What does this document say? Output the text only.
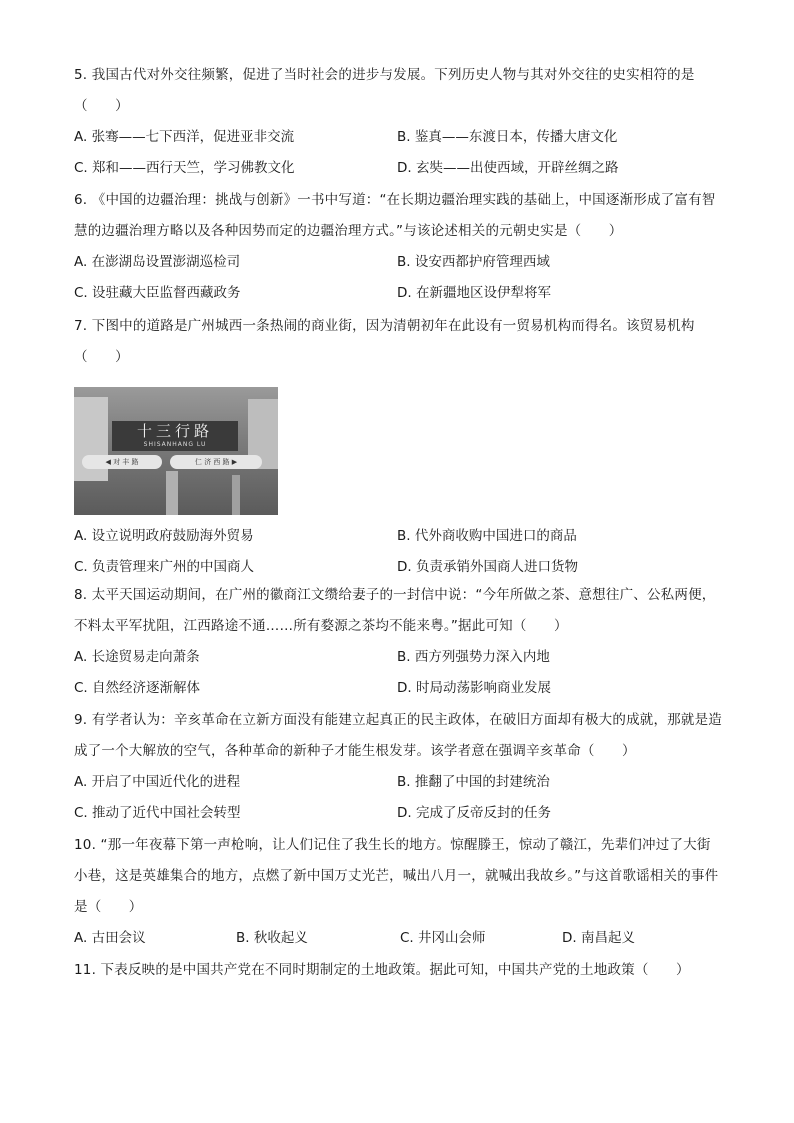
5. 我国古代对外交往频繁，促进了当时社会的进步与发展。下列历史人物与其对外交往的史实相符的是（　　）
A. 张骞——七下西洋，促进亚非交流	B. 鉴真——东渡日本，传播大唐文化
C. 郑和——西行天竺，学习佛教文化	D. 玄奘——出使西域，开辟丝绸之路
6. 《中国的边疆治理：挑战与创新》一书中写道：“在长期边疆治理实践的基础上，中国逐渐形成了富有智慧的边疆治理方略以及各种因势而定的边疆治理方式。”与该论述相关的元朝史实是（　　）
A. 在澎湖岛设置澎湖巡检司	B. 设安西都护府管理西域
C. 设驻藏大臣监督西藏政务	D. 在新疆地区设伊犁将军
7. 下图中的道路是广州城西一条热闹的商业街，因为清朝初年在此设有一贸易机构而得名。该贸易机构（　　）
十三行路
SHISANHANG LU
◀ 对 丰 路	仁 济 西 路 ▶
A. 设立说明政府鼓励海外贸易	B. 代外商收购中国进口的商品
C. 负责管理来广州的中国商人	D. 负责承销外国商人进口货物
8. 太平天国运动期间，在广州的徽商江文缵给妻子的一封信中说：“今年所做之茶、意想往广、公私两便，不料太平军扰阻，江西路途不通……所有婺源之茶均不能来粤。”据此可知（　　）
A. 长途贸易走向萧条	B. 西方列强势力深入内地
C. 自然经济逐渐解体	D. 时局动荡影响商业发展
9. 有学者认为：辛亥革命在立新方面没有能建立起真正的民主政体，在破旧方面却有极大的成就，那就是造成了一个大解放的空气，各种革命的新种子才能生根发芽。该学者意在强调辛亥革命（　　）
A. 开启了中国近代化的进程	B. 推翻了中国的封建统治
C. 推动了近代中国社会转型	D. 完成了反帝反封的任务
10. “那一年夜幕下第一声枪响，让人们记住了我生长的地方。惊醒滕王，惊动了赣江，先辈们冲过了大街小巷，这是英雄集合的地方，点燃了新中国万丈光芒，喊出八月一，就喊出我故乡。”与这首歌谣相关的事件是（　　）
A. 古田会议	B. 秋收起义	C. 井冈山会师	D. 南昌起义
11. 下表反映的是中国共产党在不同时期制定的土地政策。据此可知，中国共产党的土地政策（　　）
